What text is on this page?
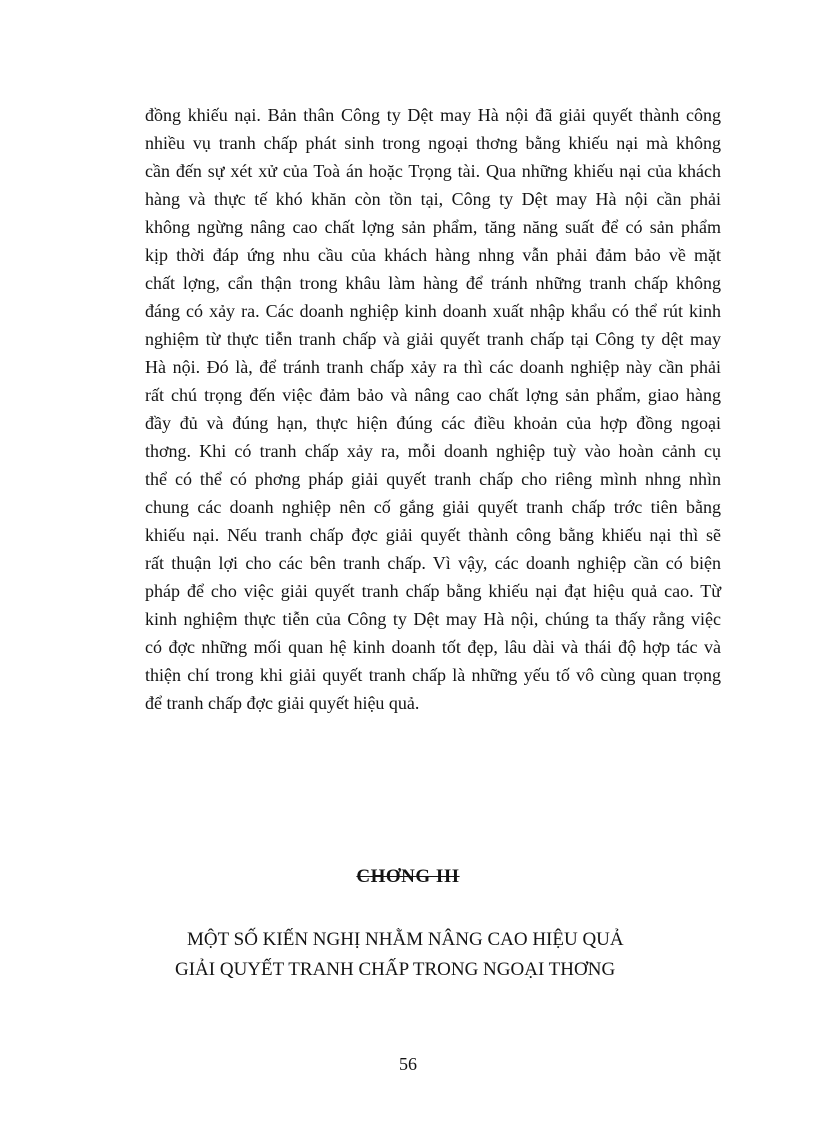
đồng khiếu nại. Bản thân Công ty Dệt may Hà nội đã giải quyết thành công
nhiều vụ tranh chấp phát sinh trong ngoại thơng bằng khiếu nại mà không
cần đến sự xét xử của Toà án hoặc Trọng tài. Qua những khiếu nại của khách
hàng và thực tế khó khăn còn tồn tại, Công ty Dệt may Hà nội cần phải
không ngừng nâng cao chất lợng sản phẩm, tăng năng suất để có sản phẩm
kịp thời đáp ứng nhu cầu của khách hàng nhng vẫn phải đảm bảo về mặt
chất lợng, cẩn thận trong khâu làm hàng để tránh những tranh chấp không
đáng có xảy ra. Các doanh nghiệp kinh doanh xuất nhập khẩu có thể rút kinh
nghiệm từ thực tiễn tranh chấp và giải quyết tranh chấp tại Công ty dệt may
Hà nội. Đó là, để tránh tranh chấp xảy ra thì các doanh nghiệp này cần phải
rất chú trọng đến việc đảm bảo và nâng cao chất lợng sản phẩm, giao hàng
đầy đủ và đúng hạn, thực hiện đúng các điều khoản của hợp đồng ngoại
thơng. Khi có tranh chấp xảy ra, mỗi doanh nghiệp tuỳ vào hoàn cảnh cụ
thể có thể có phơng pháp giải quyết tranh chấp cho riêng mình nhng nhìn
chung các doanh nghiệp nên cố gắng giải quyết tranh chấp trớc tiên bằng
khiếu nại. Nếu tranh chấp đợc giải quyết thành công bằng khiếu nại thì sẽ
rất thuận lợi cho các bên tranh chấp. Vì vậy, các doanh nghiệp cần có biện
pháp để cho việc giải quyết tranh chấp bằng khiếu nại đạt hiệu quả cao. Từ
kinh nghiệm thực tiễn của Công ty Dệt may Hà nội, chúng ta thấy rằng việc
có đợc những mối quan hệ kinh doanh tốt đẹp, lâu dài và thái độ hợp tác và
thiện chí trong khi giải quyết tranh chấp là những yếu tố vô cùng quan trọng
để tranh chấp đợc giải quyết hiệu quả.
CHƠNG III
MỘT SỐ KIẾN NGHỊ NHẰM NÂNG CAO HIỆU QUẢ
GIẢI QUYẾT TRANH CHẤP TRONG NGOẠI THƠNG
56
